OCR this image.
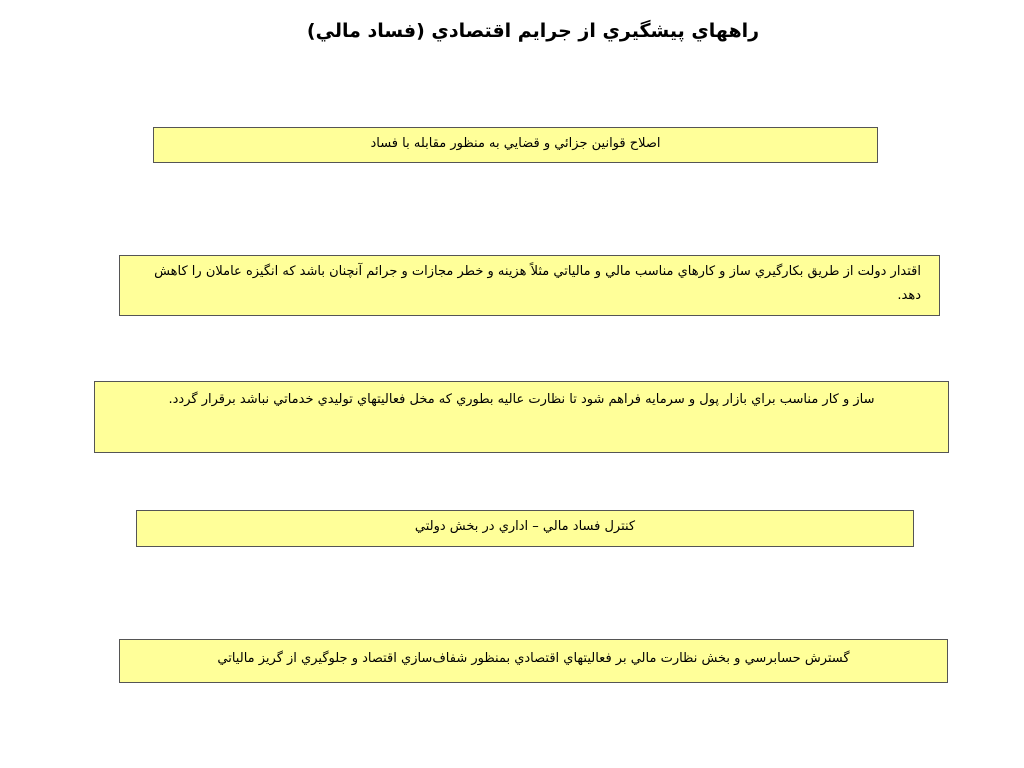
راههاي پيشگيري از جرايم اقتصادي (فساد مالي)
اصلاح قوانين جزائي و قضايي به منظور مقابله با فساد
اقتدار دولت از طريق بكارگيري ساز و كارهاي مناسب مالي و مالياتي مثلاً هزينه و خطر مجازات و جرائم آنچنان باشد كه انگيزه عاملان را كاهش دهد.
ساز و كار مناسب براي بازار پول و سرمايه فراهم شود تا نظارت عاليه بطوري كه مخل فعاليتهاي توليدي خدماتي نباشد برقرار گردد.
كنترل فساد مالي – اداري در بخش دولتي
گسترش حسابرسي و بخش نظارت مالي بر فعاليتهاي اقتصادي بمنظور شفاف‌سازي اقتصاد و جلوگيري از گريز مالياتي
